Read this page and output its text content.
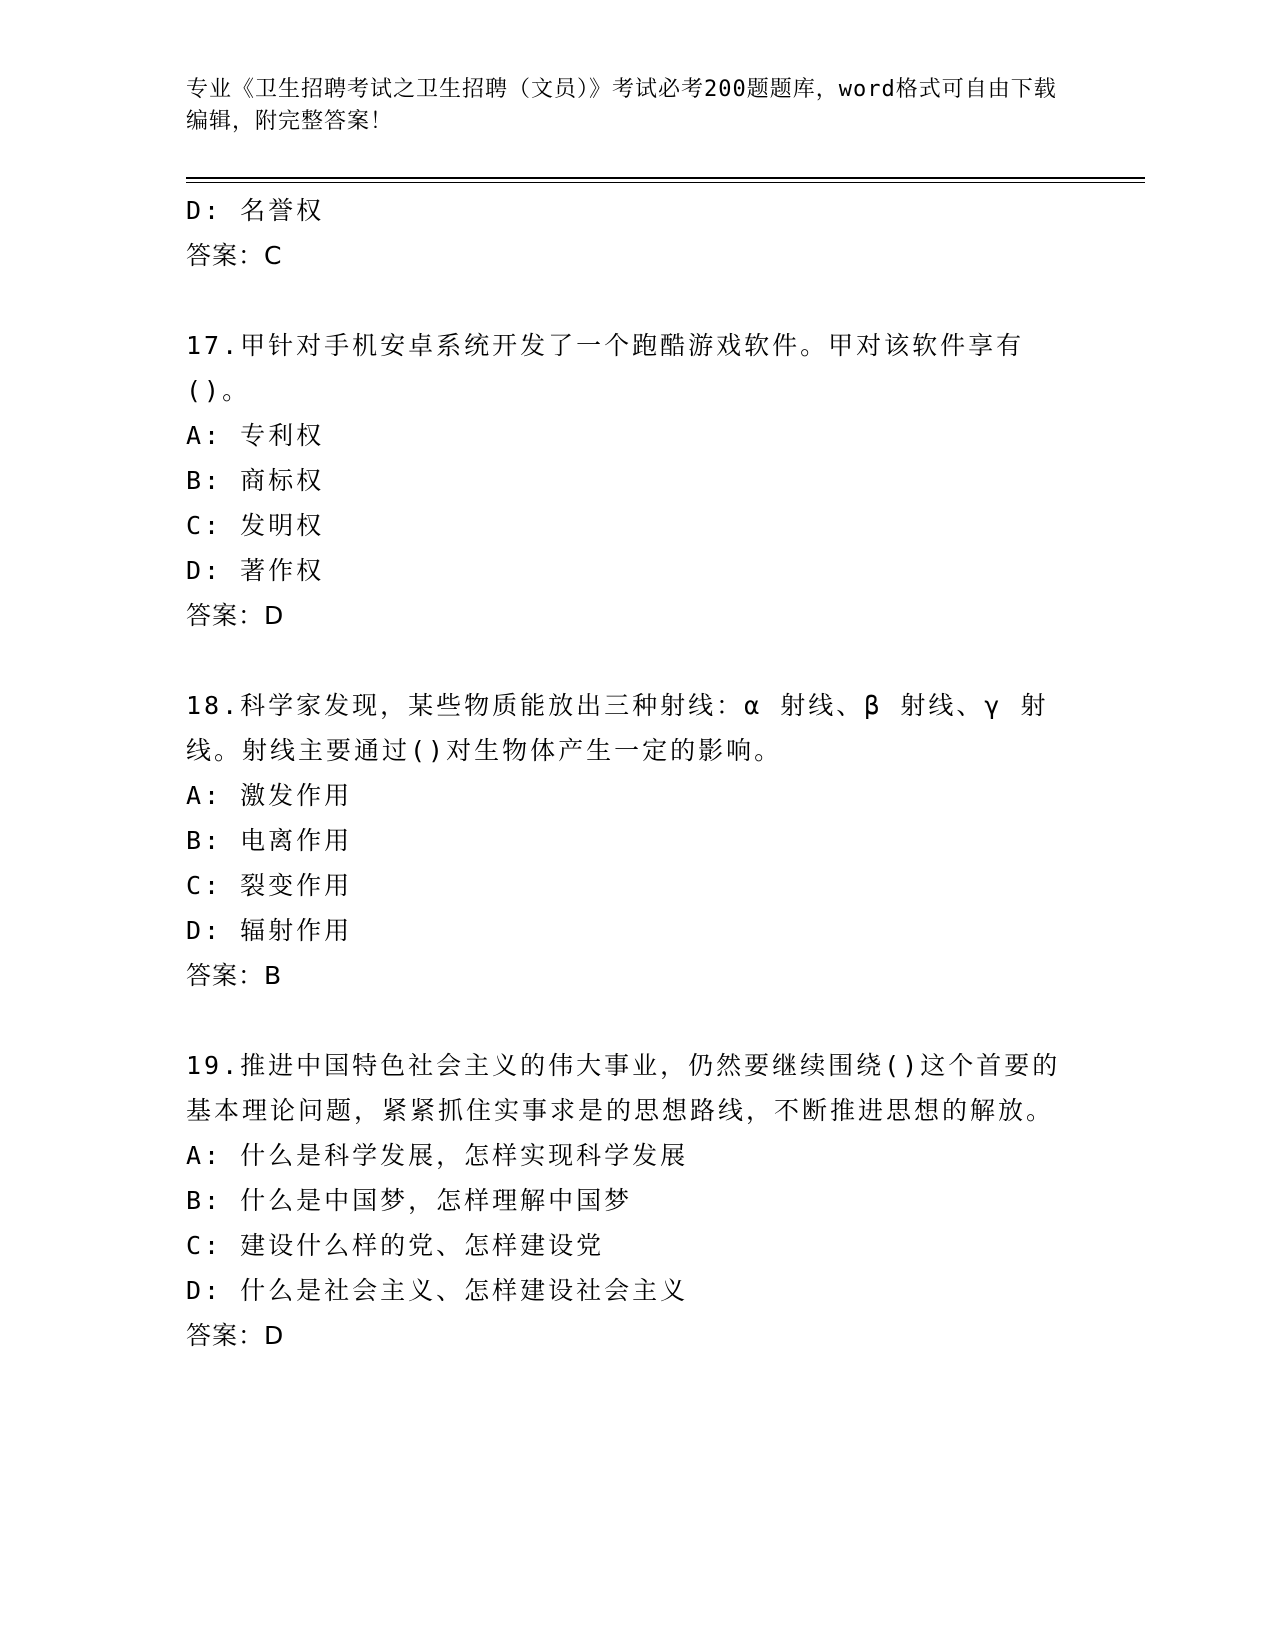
专业《卫生招聘考试之卫生招聘（文员）》考试必考200题题库，word格式可自由下载编辑，附完整答案！
D: 名誉权
答案：C
17.甲针对手机安卓系统开发了一个跑酷游戏软件。甲对该软件享有()。
A: 专利权
B: 商标权
C: 发明权
D: 著作权
答案：D
18.科学家发现，某些物质能放出三种射线：α 射线、β 射线、γ 射线。射线主要通过()对生物体产生一定的影响。
A: 激发作用
B: 电离作用
C: 裂变作用
D: 辐射作用
答案：B
19.推进中国特色社会主义的伟大事业，仍然要继续围绕()这个首要的基本理论问题，紧紧抓住实事求是的思想路线，不断推进思想的解放。
A: 什么是科学发展，怎样实现科学发展
B: 什么是中国梦，怎样理解中国梦
C: 建设什么样的党、怎样建设党
D: 什么是社会主义、怎样建设社会主义
答案：D
